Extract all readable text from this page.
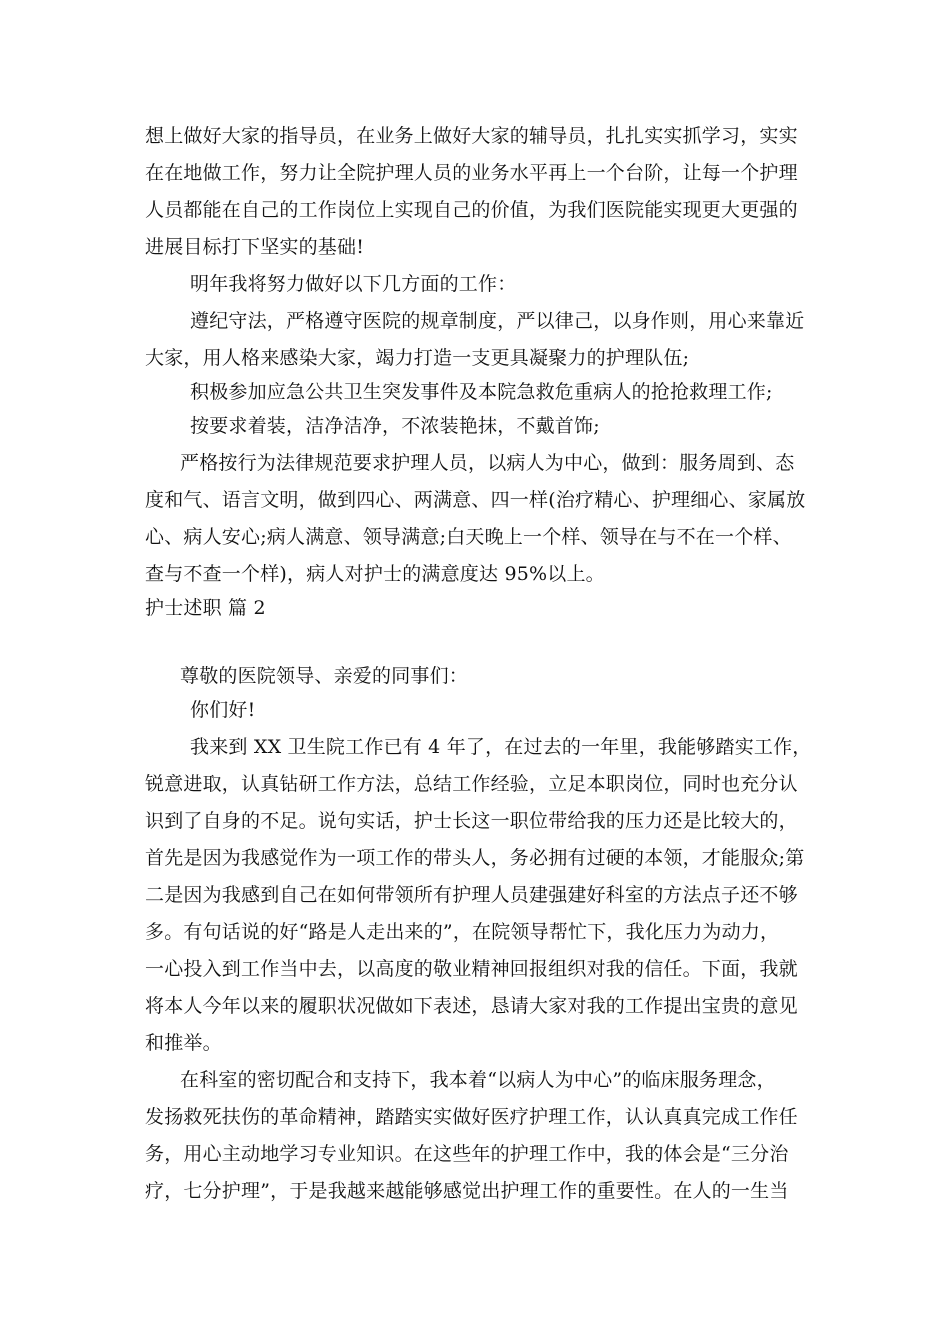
想上做好大家的指导员，在业务上做好大家的辅导员，扎扎实实抓学习，实实
在在地做工作，努力让全院护理人员的业务水平再上一个台阶，让每一个护理
人员都能在自己的工作岗位上实现自己的价值，为我们医院能实现更大更强的
进展目标打下坚实的基础!
明年我将努力做好以下几方面的工作：
遵纪守法，严格遵守医院的规章制度，严以律己，以身作则，用心来靠近
大家，用人格来感染大家，竭力打造一支更具凝聚力的护理队伍;
积极参加应急公共卫生突发事件及本院急救危重病人的抢抢救理工作;
按要求着装，洁净洁净，不浓装艳抹，不戴首饰;
严格按行为法律规范要求护理人员，以病人为中心，做到：服务周到、态
度和气、语言文明，做到四心、两满意、四一样(治疗精心、护理细心、家属放
心、病人安心;病人满意、领导满意;白天晚上一个样、领导在与不在一个样、
查与不查一个样)，病人对护士的满意度达 95%以上。
护士述职 篇 2
尊敬的医院领导、亲爱的同事们：
你们好!
我来到 XX 卫生院工作已有 4 年了，在过去的一年里，我能够踏实工作，
锐意进取，认真钻研工作方法，总结工作经验，立足本职岗位，同时也充分认
识到了自身的不足。说句实话，护士长这一职位带给我的压力还是比较大的，
首先是因为我感觉作为一项工作的带头人，务必拥有过硬的本领，才能服众;第
二是因为我感到自己在如何带领所有护理人员建强建好科室的方法点子还不够
多。有句话说的好“路是人走出来的”，在院领导帮忙下，我化压力为动力，
一心投入到工作当中去，以高度的敬业精神回报组织对我的信任。下面，我就
将本人今年以来的履职状况做如下表述，恳请大家对我的工作提出宝贵的意见
和推举。
在科室的密切配合和支持下，我本着“以病人为中心”的临床服务理念，
发扬救死扶伤的革命精神，踏踏实实做好医疗护理工作，认认真真完成工作任
务，用心主动地学习专业知识。在这些年的护理工作中，我的体会是“三分治
疗，七分护理”，于是我越来越能够感觉出护理工作的重要性。在人的一生当
